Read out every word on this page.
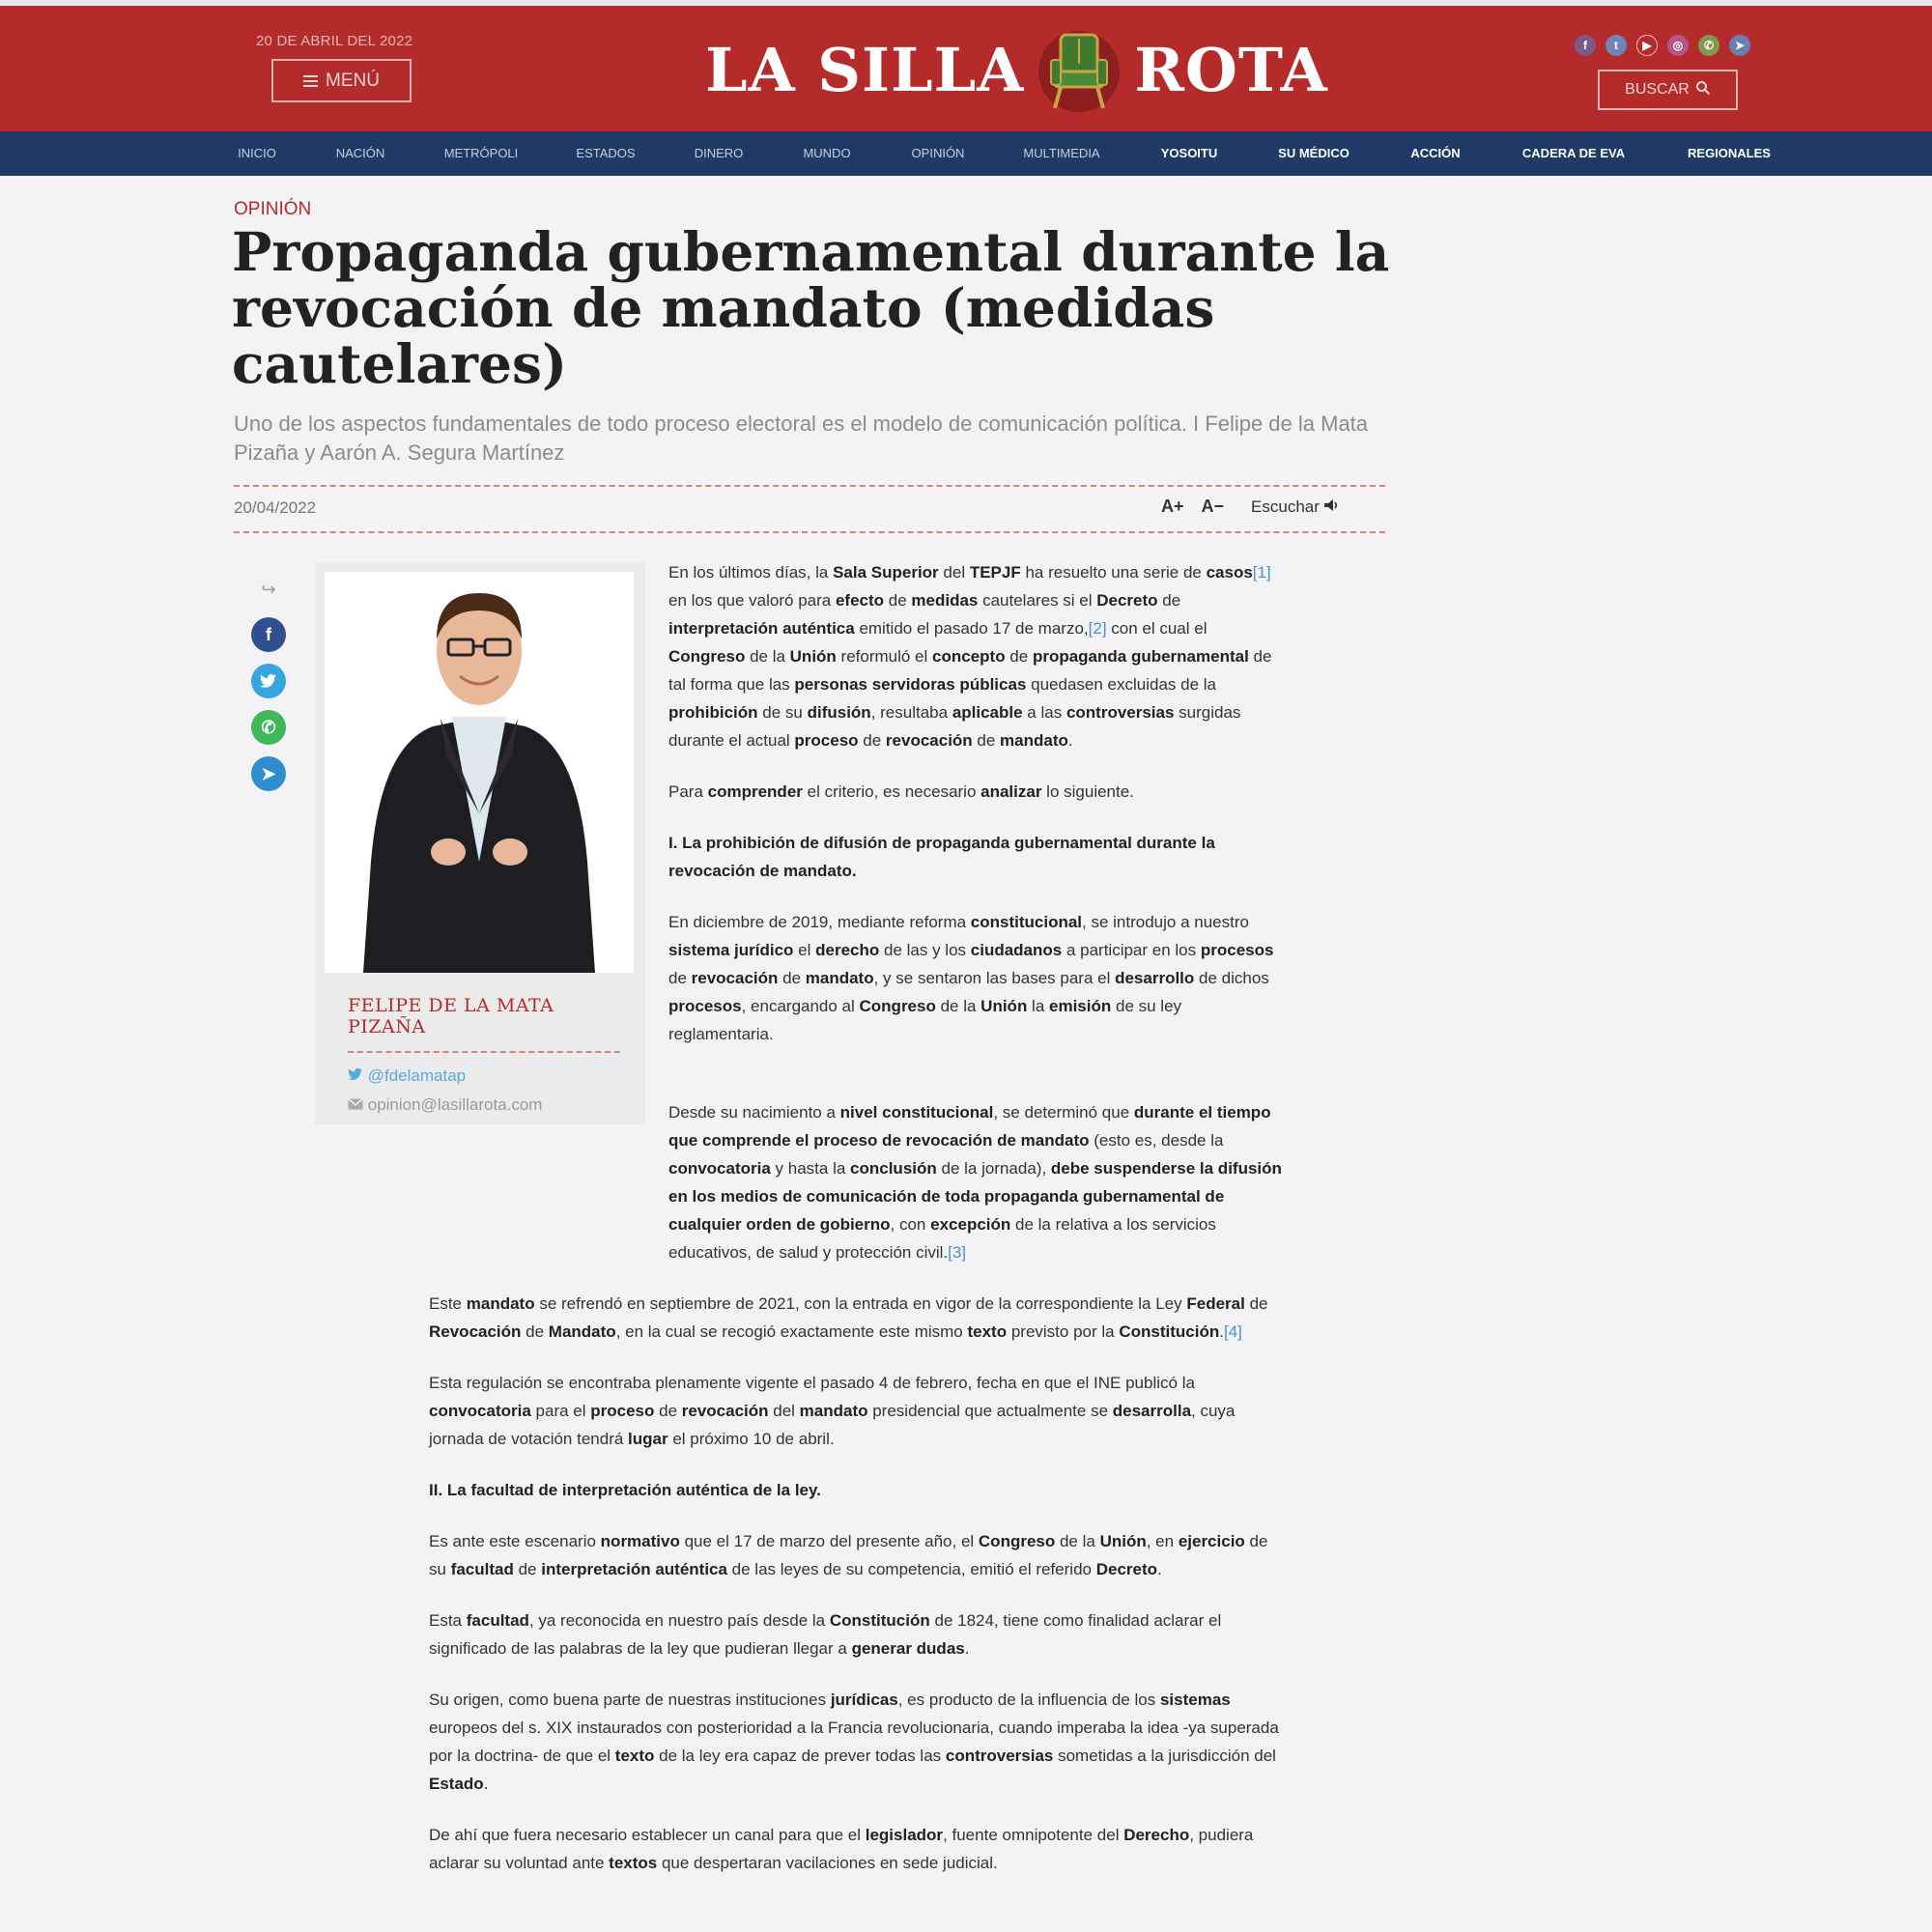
20 DE ABRIL DEL 2022
MENÚ	LA SILLA ROTA	f	t	▶	◎	✆	➤
BUSCAR
INICIO	NACIÓN	METRÓPOLI	ESTADOS	DINERO	MUNDO	OPINIÓN	MULTIMEDIA	YOSOITU	SU MÉDICO	ACCIÓN	CADERA DE EVA	REGIONALES
OPINIÓN
Propaganda gubernamental durante la revocación de mandato (medidas cautelares)
Uno de los aspectos fundamentales de todo proceso electoral es el modelo de comunicación política. I Felipe de la Mata Pizaña y Aarón A. Segura Martínez
20/04/2022	A+ A− Escuchar
↪
f
✆
➤
FELIPE DE LA MATA PIZAÑA
@fdelamatap
opinion@lasillarota.com

En los últimos días, la Sala Superior del TEPJF ha resuelto una serie de casos[1] en los que valoró para efecto de medidas cautelares si el Decreto de interpretación auténtica emitido el pasado 17 de marzo,[2] con el cual el Congreso de la Unión reformuló el concepto de propaganda gubernamental de tal forma que las personas servidoras públicas quedasen excluidas de la prohibición de su difusión, resultaba aplicable a las controversias surgidas durante el actual proceso de revocación de mandato.

Para comprender el criterio, es necesario analizar lo siguiente.

I. La prohibición de difusión de propaganda gubernamental durante la revocación de mandato.

En diciembre de 2019, mediante reforma constitucional, se introdujo a nuestro sistema jurídico el derecho de las y los ciudadanos a participar en los procesos de revocación de mandato, y se sentaron las bases para el desarrollo de dichos procesos, encargando al Congreso de la Unión la emisión de su ley reglamentaria.

Desde su nacimiento a nivel constitucional, se determinó que durante el tiempo que comprende el proceso de revocación de mandato (esto es, desde la convocatoria y hasta la conclusión de la jornada), debe suspenderse la difusión en los medios de comunicación de toda propaganda gubernamental de cualquier orden de gobierno, con excepción de la relativa a los servicios educativos, de salud y protección civil.[3]

Este mandato se refrendó en septiembre de 2021, con la entrada en vigor de la correspondiente la Ley Federal de Revocación de Mandato, en la cual se recogió exactamente este mismo texto previsto por la Constitución.[4]

Esta regulación se encontraba plenamente vigente el pasado 4 de febrero, fecha en que el INE publicó la convocatoria para el proceso de revocación del mandato presidencial que actualmente se desarrolla, cuya jornada de votación tendrá lugar el próximo 10 de abril.

II. La facultad de interpretación auténtica de la ley.

Es ante este escenario normativo que el 17 de marzo del presente año, el Congreso de la Unión, en ejercicio de su facultad de interpretación auténtica de las leyes de su competencia, emitió el referido Decreto.

Esta facultad, ya reconocida en nuestro país desde la Constitución de 1824, tiene como finalidad aclarar el significado de las palabras de la ley que pudieran llegar a generar dudas.

Su origen, como buena parte de nuestras instituciones jurídicas, es producto de la influencia de los sistemas europeos del s. XIX instaurados con posterioridad a la Francia revolucionaria, cuando imperaba la idea -ya superada por la doctrina- de que el texto de la ley era capaz de prever todas las controversias sometidas a la jurisdicción del Estado.

De ahí que fuera necesario establecer un canal para que el legislador, fuente omnipotente del Derecho, pudiera aclarar su voluntad ante textos que despertaran vacilaciones en sede judicial.
